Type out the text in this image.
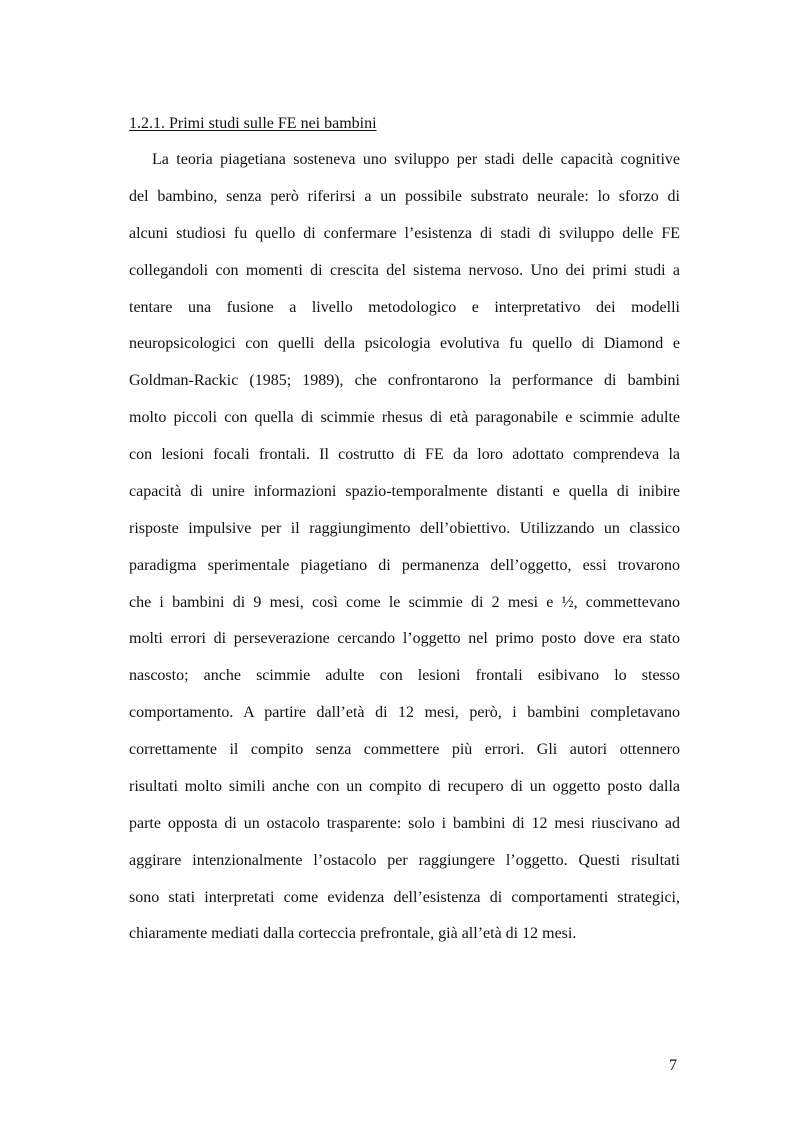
1.2.1. Primi studi sulle FE nei bambini
La teoria piagetiana sosteneva uno sviluppo per stadi delle capacità cognitive
del bambino, senza però riferirsi a un possibile substrato neurale: lo sforzo di
alcuni studiosi fu quello di confermare l’esistenza di stadi di sviluppo delle FE
collegandoli con momenti di crescita del sistema nervoso. Uno dei primi studi a
tentare una fusione a livello metodologico e interpretativo dei modelli
neuropsicologici con quelli della psicologia evolutiva fu quello di Diamond e
Goldman-Rackic (1985; 1989), che confrontarono la performance di bambini
molto piccoli con quella di scimmie rhesus di età paragonabile e scimmie adulte
con lesioni focali frontali. Il costrutto di FE da loro adottato comprendeva la
capacità di unire informazioni spazio-temporalmente distanti e quella di inibire
risposte impulsive per il raggiungimento dell’obiettivo. Utilizzando un classico
paradigma sperimentale piagetiano di permanenza dell’oggetto, essi trovarono
che i bambini di 9 mesi, così come le scimmie di 2 mesi e ½, commettevano
molti errori di perseverazione cercando l’oggetto nel primo posto dove era stato
nascosto; anche scimmie adulte con lesioni frontali esibivano lo stesso
comportamento. A partire dall’età di 12 mesi, però, i bambini completavano
correttamente il compito senza commettere più errori. Gli autori ottennero
risultati molto simili anche con un compito di recupero di un oggetto posto dalla
parte opposta di un ostacolo trasparente: solo i bambini di 12 mesi riuscivano ad
aggirare intenzionalmente l’ostacolo per raggiungere l’oggetto. Questi risultati
sono stati interpretati come evidenza dell’esistenza di comportamenti strategici,
chiaramente mediati dalla corteccia prefrontale, già all’età di 12 mesi.
7
